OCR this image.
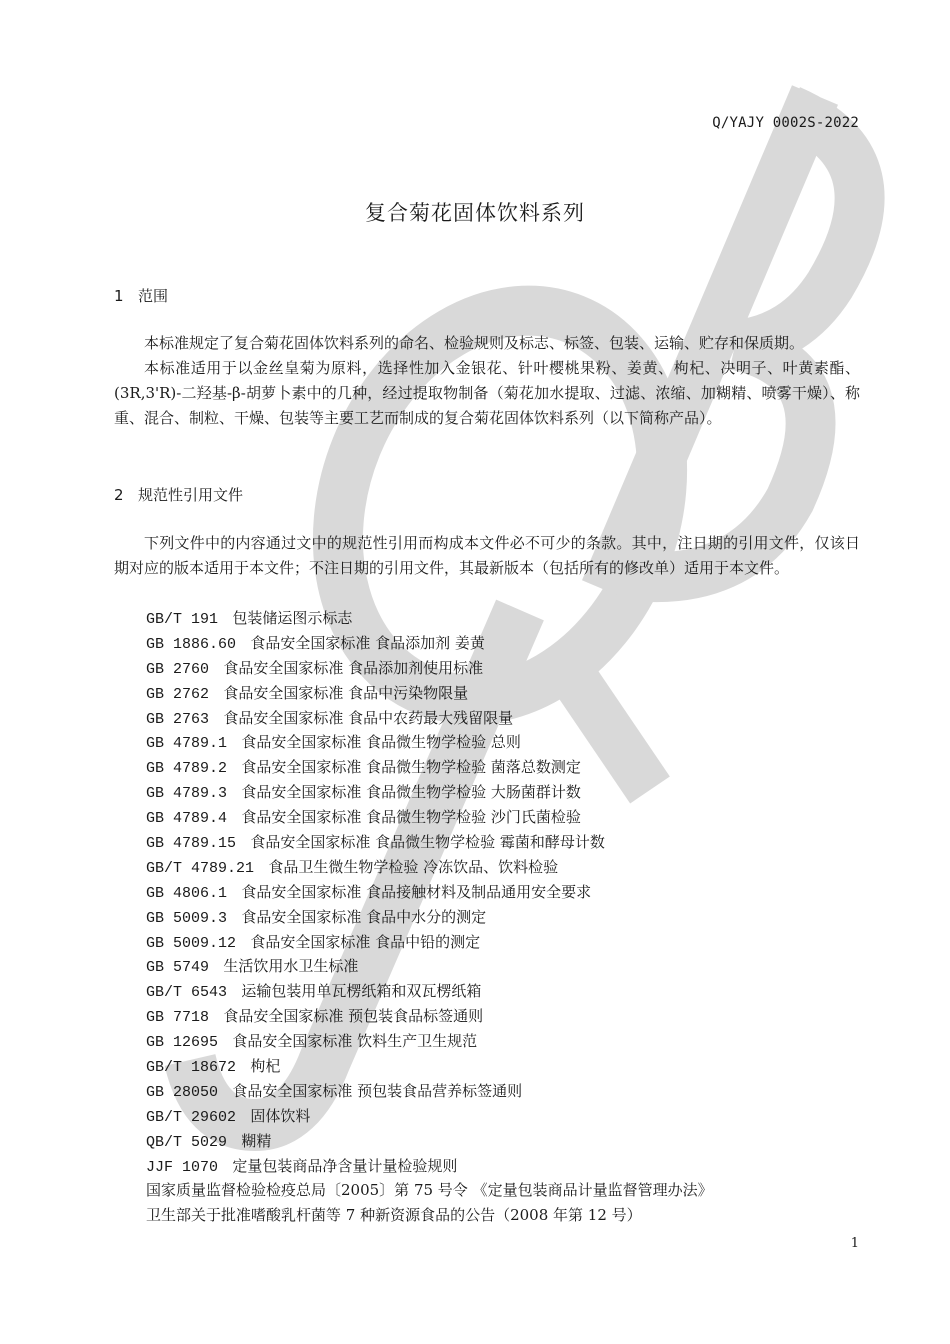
Q/YAJY 0002S-2022
复合菊花固体饮料系列
1 范围

本标准规定了复合菊花固体饮料系列的命名、检验规则及标志、标签、包装、运输、贮存和保质期。

本标准适用于以金丝皇菊为原料，选择性加入金银花、针叶樱桃果粉、姜黄、枸杞、决明子、叶黄素酯、(3R,3'R)-二羟基-β-胡萝卜素中的几种，经过提取物制备（菊花加水提取、过滤、浓缩、加糊精、喷雾干燥）、称重、混合、制粒、干燥、包装等主要工艺而制成的复合菊花固体饮料系列（以下简称产品）。

2 规范性引用文件

下列文件中的内容通过文中的规范性引用而构成本文件必不可少的条款。其中，注日期的引用文件，仅该日期对应的版本适用于本文件；不注日期的引用文件，其最新版本（包括所有的修改单）适用于本文件。

GB/T 191 包装储运图示标志
GB 1886.60 食品安全国家标准 食品添加剂 姜黄
GB 2760 食品安全国家标准 食品添加剂使用标准
GB 2762 食品安全国家标准 食品中污染物限量
GB 2763 食品安全国家标准 食品中农药最大残留限量
GB 4789.1 食品安全国家标准 食品微生物学检验 总则
GB 4789.2 食品安全国家标准 食品微生物学检验 菌落总数测定
GB 4789.3 食品安全国家标准 食品微生物学检验 大肠菌群计数
GB 4789.4 食品安全国家标准 食品微生物学检验 沙门氏菌检验
GB 4789.15 食品安全国家标准 食品微生物学检验 霉菌和酵母计数
GB/T 4789.21 食品卫生微生物学检验 冷冻饮品、饮料检验
GB 4806.1 食品安全国家标准 食品接触材料及制品通用安全要求
GB 5009.3 食品安全国家标准 食品中水分的测定
GB 5009.12 食品安全国家标准 食品中铅的测定
GB 5749 生活饮用水卫生标准
GB/T 6543 运输包装用单瓦楞纸箱和双瓦楞纸箱
GB 7718 食品安全国家标准 预包装食品标签通则
GB 12695 食品安全国家标准 饮料生产卫生规范
GB/T 18672 枸杞
GB 28050 食品安全国家标准 预包装食品营养标签通则
GB/T 29602 固体饮料
QB/T 5029 糊精
JJF 1070 定量包装商品净含量计量检验规则
国家质量监督检验检疫总局〔2005〕第 75 号令 《定量包装商品计量监督管理办法》
卫生部关于批准嗜酸乳杆菌等 7 种新资源食品的公告（2008 年第 12 号）
1
